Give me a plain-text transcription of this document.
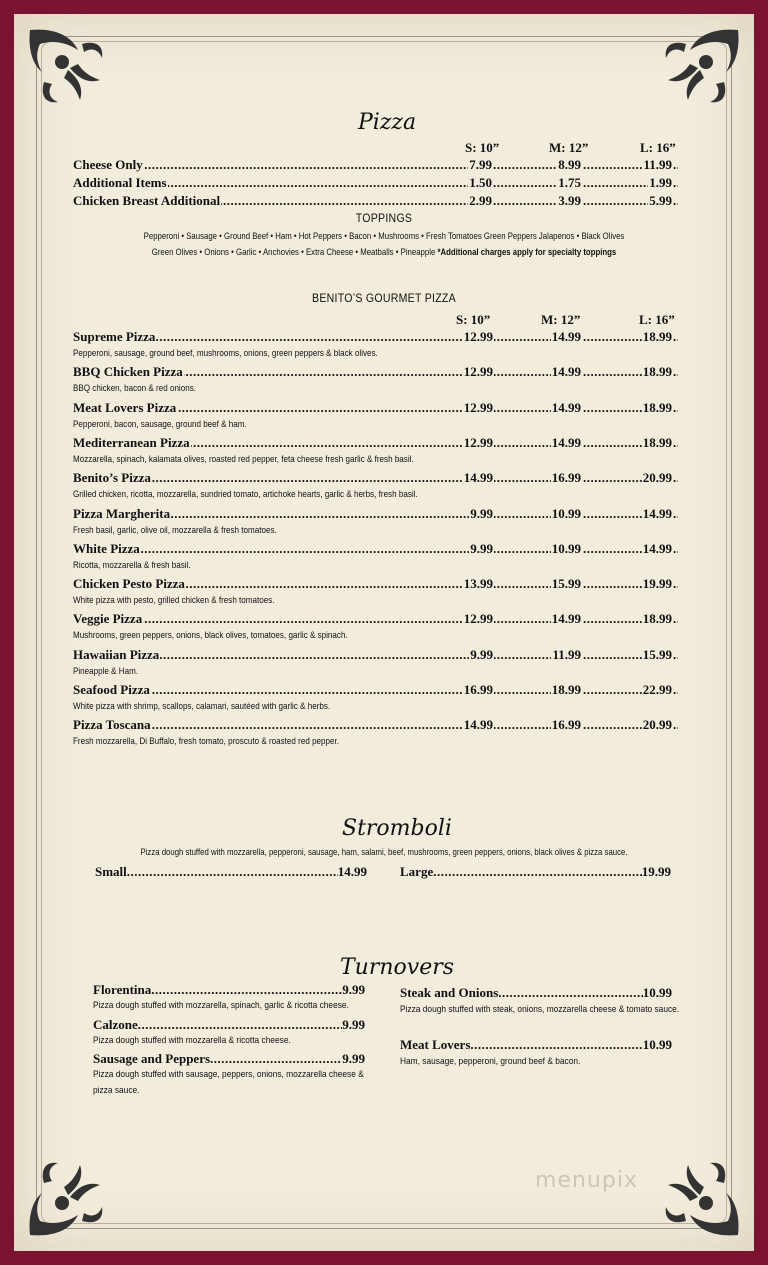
Pizza
S: 10”	M: 12”	L: 16”
.....
Cheese Only	7.99	8.99	11.99
.....
Additional Items	1.50	1.75	1.99
.....
Chicken Breast Additional	2.99	3.99	5.99
TOPPINGS
Pepperoni • Sausage • Ground Beef • Ham • Hot Peppers • Bacon • Mushrooms • Fresh Tomatoes Green Peppers Jalapenos • Black Olives
Green Olives • Onions • Garlic • Anchovies • Extra Cheese • Meatballs • Pineapple *Additional charges apply for specialty toppings
BENITO’S GOURMET PIZZA
S: 10”	M: 12”	L: 16”
.....
Supreme Pizza	12.99	14.99	18.99
Pepperoni, sausage, ground beef, mushrooms, onions, green peppers & black olives.
.....
BBQ Chicken Pizza	12.99	14.99	18.99
BBQ chicken, bacon & red onions.
.....
Meat Lovers Pizza	12.99	14.99	18.99
Pepperoni, bacon, sausage, ground beef & ham.
.....
Mediterranean Pizza	12.99	14.99	18.99
Mozzarella, spinach, kalamata olives, roasted red pepper, feta cheese fresh garlic & fresh basil.
.....
Benito’s Pizza	14.99	16.99	20.99
Grilled chicken, ricotta, mozzarella, sundried tomato, artichoke hearts, garlic & herbs, fresh basil.
.....
Pizza Margherita	9.99	10.99	14.99
Fresh basil, garlic, olive oil, mozzarella & fresh tomatoes.
.....
White Pizza	9.99	10.99	14.99
Ricotta, mozzarella & fresh basil.
.....
Chicken Pesto Pizza	13.99	15.99	19.99
White pizza with pesto, grilled chicken & fresh tomatoes.
.....
Veggie Pizza	12.99	14.99	18.99
Mushrooms, green peppers, onions, black olives, tomatoes, garlic & spinach.
.....
Hawaiian Pizza	9.99	11.99	15.99
Pineapple & Ham.
.....
Seafood Pizza	16.99	18.99	22.99
White pizza with shrimp, scallops, calamari, sautéed with garlic & herbs.
.....
Pizza Toscana	14.99	16.99	20.99
Fresh mozzarella, Di Buffalo, fresh tomato, proscuto & roasted red pepper.
Stromboli
Pizza dough stuffed with mozzarella, pepperoni, sausage, ham, salami, beef, mushrooms, green peppers, onions, black olives & pizza sauce.
Small .....	14.99	Large .....	19.99
Turnovers
Florentina .....	9.99
Pizza dough stuffed with mozzarella, spinach, garlic & ricotta cheese.
Calzone .....	9.99
Pizza dough stuffed with mozzarella & ricotta cheese.
Sausage and Peppers .....	9.99
Pizza dough stuffed with sausage, peppers, onions, mozzarella cheese & pizza sauce.
Steak and Onions .....	10.99
Pizza dough stuffed with steak, onions, mozzarella cheese & tomato sauce.
Meat Lovers .....	10.99
Ham, sausage, pepperoni, ground beef & bacon.
menupix
